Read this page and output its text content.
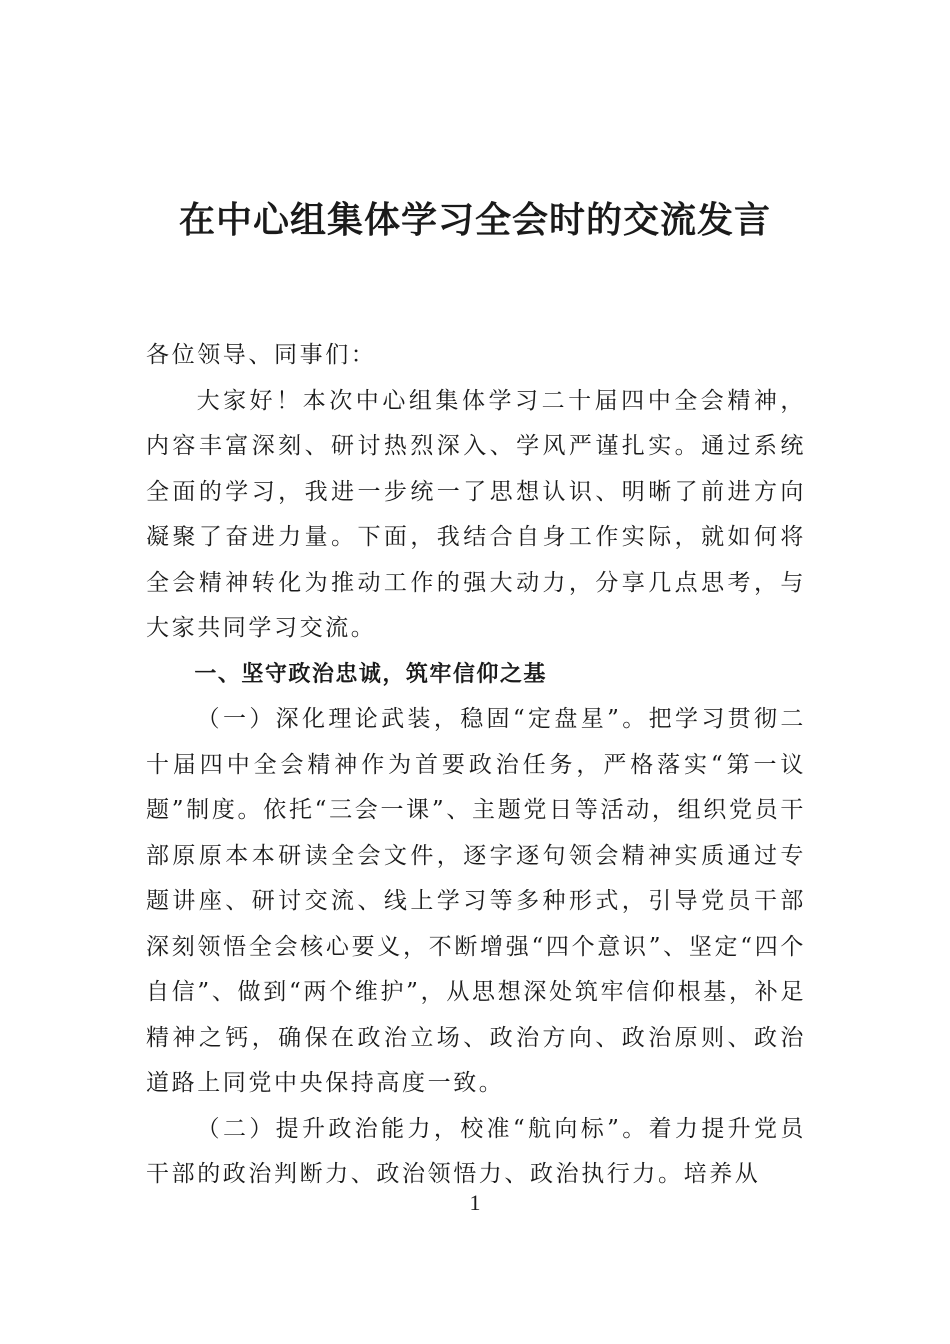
在中心组集体学习全会时的交流发言

各位领导、同事们：

大家好！本次中心组集体学习二十届四中全会精神，内容丰富深刻、研讨热烈深入、学风严谨扎实。通过系统全面的学习，我进一步统一了思想认识、明晰了前进方向凝聚了奋进力量。下面，我结合自身工作实际，就如何将全会精神转化为推动工作的强大动力，分享几点思考，与大家共同学习交流。

一、坚守政治忠诚，筑牢信仰之基

（一）深化理论武装，稳固“定盘星”。把学习贯彻二十届四中全会精神作为首要政治任务，严格落实“第一议题”制度。依托“三会一课”、主题党日等活动，组织党员干部原原本本研读全会文件，逐字逐句领会精神实质通过专题讲座、研讨交流、线上学习等多种形式，引导党员干部深刻领悟全会核心要义，不断增强“四个意识”、坚定“四个自信”、做到“两个维护”，从思想深处筑牢信仰根基，补足精神之钙，确保在政治立场、政治方向、政治原则、政治道路上同党中央保持高度一致。

（二）提升政治能力，校准“航向标”。着力提升党员干部的政治判断力、政治领悟力、政治执行力。培养从

1
